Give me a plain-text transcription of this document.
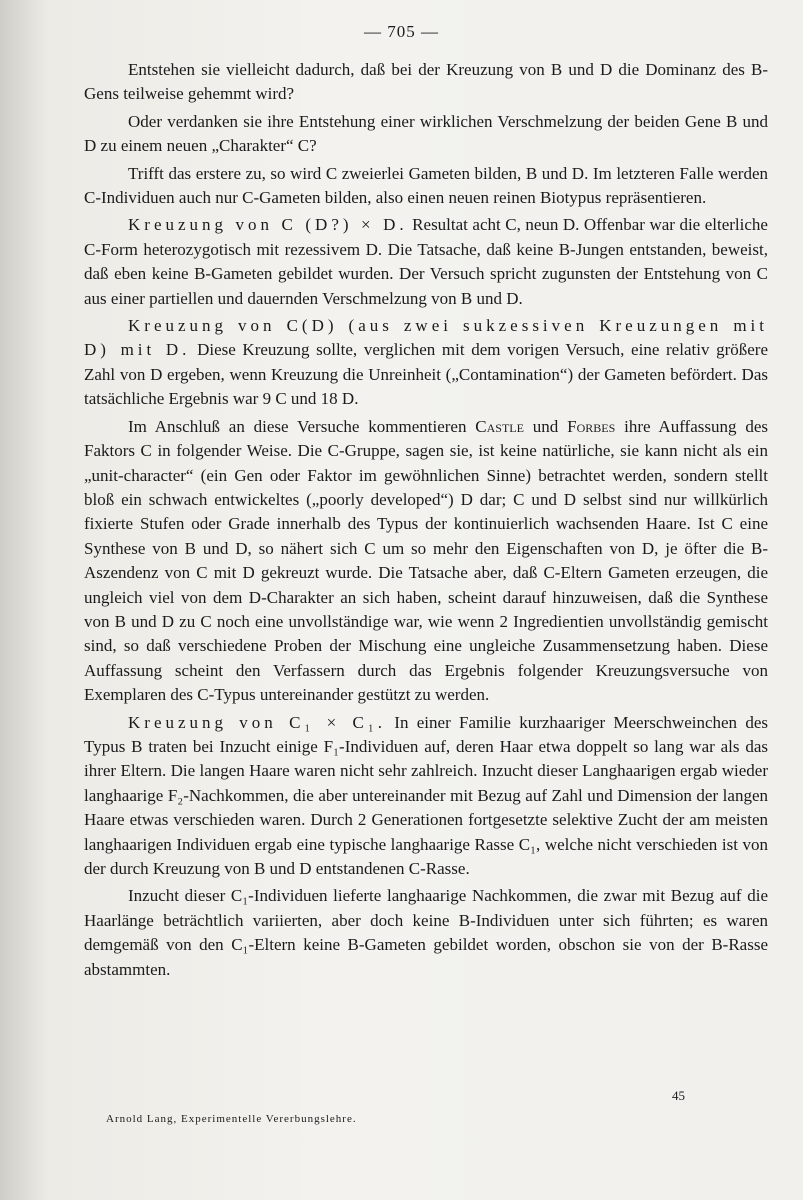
— 705 —

Entstehen sie vielleicht dadurch, daß bei der Kreuzung von B und D die Dominanz des B-Gens teilweise gehemmt wird?

Oder verdanken sie ihre Entstehung einer wirklichen Verschmelzung der beiden Gene B und D zu einem neuen „Charakter“ C?

Trifft das erstere zu, so wird C zweierlei Gameten bilden, B und D. Im letzteren Falle werden C-Individuen auch nur C-Gameten bilden, also einen neuen reinen Biotypus repräsentieren.

Kreuzung von C (D?) × D. Resultat acht C, neun D. Offenbar war die elterliche C-Form heterozygotisch mit rezessivem D. Die Tatsache, daß keine B-Jungen entstanden, beweist, daß eben keine B-Gameten gebildet wurden. Der Versuch spricht zugunsten der Entstehung von C aus einer partiellen und dauernden Verschmelzung von B und D.

Kreuzung von C(D) (aus zwei sukzessiven Kreuzungen mit D) mit D. Diese Kreuzung sollte, verglichen mit dem vorigen Versuch, eine relativ größere Zahl von D ergeben, wenn Kreuzung die Unreinheit („Contamination“) der Gameten befördert. Das tatsächliche Ergebnis war 9 C und 18 D.

Im Anschluß an diese Versuche kommentieren Castle und Forbes ihre Auffassung des Faktors C in folgender Weise. Die C-Gruppe, sagen sie, ist keine natürliche, sie kann nicht als ein „unit-character“ (ein Gen oder Faktor im gewöhnlichen Sinne) betrachtet werden, sondern stellt bloß ein schwach entwickeltes („poorly developed“) D dar; C und D selbst sind nur willkürlich fixierte Stufen oder Grade innerhalb des Typus der kontinuierlich wachsenden Haare. Ist C eine Synthese von B und D, so nähert sich C um so mehr den Eigenschaften von D, je öfter die B-Aszendenz von C mit D gekreuzt wurde. Die Tatsache aber, daß C-Eltern Gameten erzeugen, die ungleich viel von dem D-Charakter an sich haben, scheint darauf hinzuweisen, daß die Synthese von B und D zu C noch eine unvollständige war, wie wenn 2 Ingredientien unvollständig gemischt sind, so daß verschiedene Proben der Mischung eine ungleiche Zusammensetzung haben. Diese Auffassung scheint den Verfassern durch das Ergebnis folgender Kreuzungsversuche von Exemplaren des C-Typus untereinander gestützt zu werden.

Kreuzung von C₁ × C₁. In einer Familie kurzhaariger Meerschweinchen des Typus B traten bei Inzucht einige F₁-Individuen auf, deren Haar etwa doppelt so lang war als das ihrer Eltern. Die langen Haare waren nicht sehr zahlreich. Inzucht dieser Langhaarigen ergab wieder langhaarige F₂-Nachkommen, die aber untereinander mit Bezug auf Zahl und Dimension der langen Haare etwas verschieden waren. Durch 2 Generationen fortgesetzte selektive Zucht der am meisten langhaarigen Individuen ergab eine typische langhaarige Rasse C₁, welche nicht verschieden ist von der durch Kreuzung von B und D entstandenen C-Rasse.

Inzucht dieser C₁-Individuen lieferte langhaarige Nachkommen, die zwar mit Bezug auf die Haarlänge beträchtlich variierten, aber doch keine B-Individuen unter sich führten; es waren demgemäß von den C₁-Eltern keine B-Gameten gebildet worden, obschon sie von der B-Rasse abstammten.

45
Arnold Lang, Experimentelle Vererbungslehre.
